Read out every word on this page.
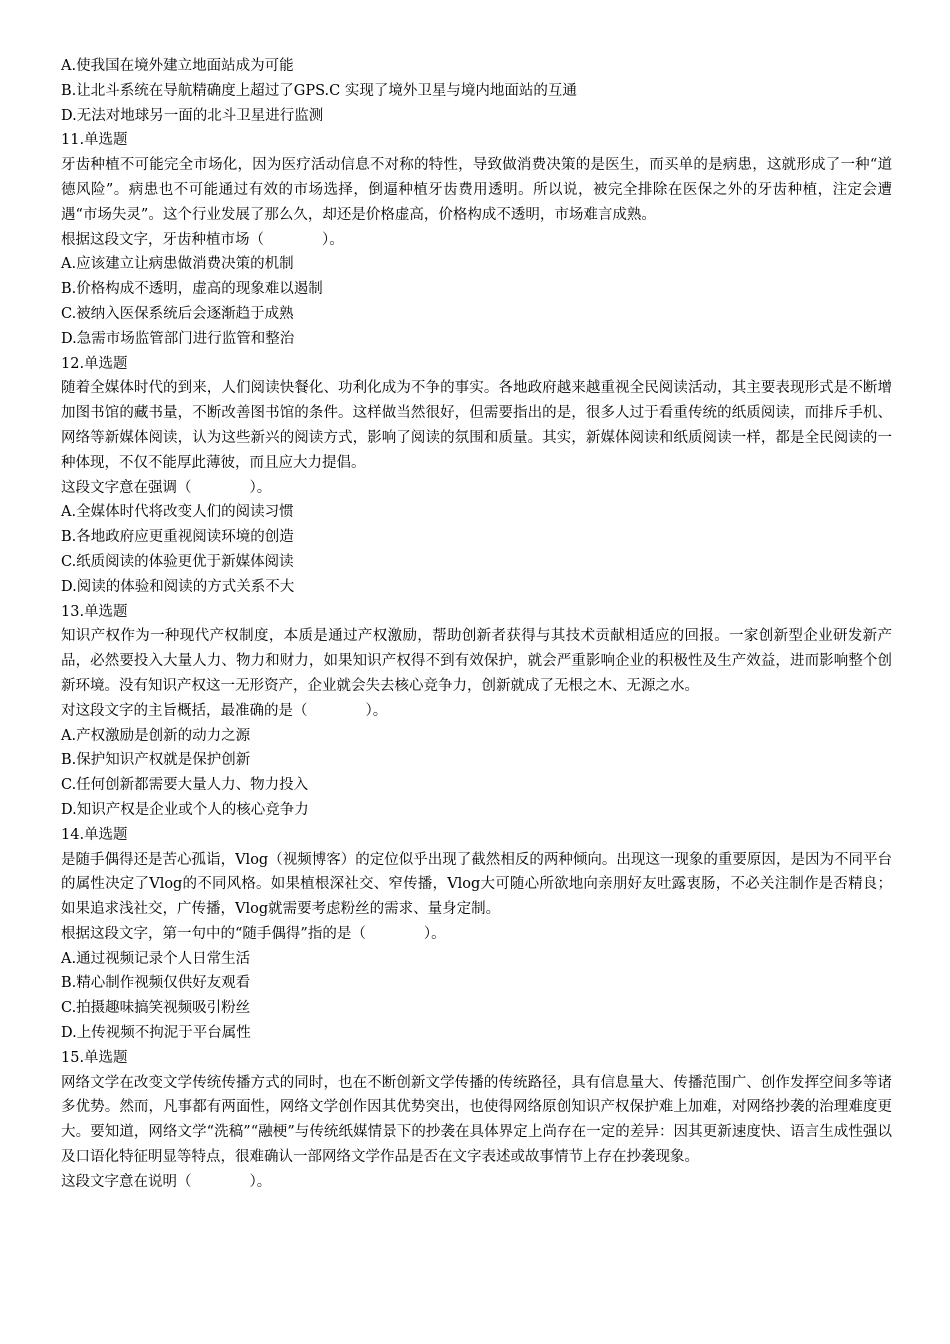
A.使我国在境外建立地面站成为可能

B.让北斗系统在导航精确度上超过了GPS.C 实现了境外卫星与境内地面站的互通

D.无法对地球另一面的北斗卫星进行监测

11.单选题

牙齿种植不可能完全市场化，因为医疗活动信息不对称的特性，导致做消费决策的是医生，而买单的是病患，这就形成了一种“道德风险”。病患也不可能通过有效的市场选择，倒逼种植牙齿费用透明。所以说，被完全排除在医保之外的牙齿种植，注定会遭遇“市场失灵”。这个行业发展了那么久，却还是价格虚高，价格构成不透明，市场难言成熟。

根据这段文字，牙齿种植市场（　　　　）。

A.应该建立让病患做消费决策的机制

B.价格构成不透明，虚高的现象难以遏制

C.被纳入医保系统后会逐渐趋于成熟

D.急需市场监管部门进行监管和整治

12.单选题

随着全媒体时代的到来，人们阅读快餐化、功利化成为不争的事实。各地政府越来越重视全民阅读活动，其主要表现形式是不断增加图书馆的藏书量，不断改善图书馆的条件。这样做当然很好，但需要指出的是，很多人过于看重传统的纸质阅读，而排斥手机、网络等新媒体阅读，认为这些新兴的阅读方式，影响了阅读的氛围和质量。其实，新媒体阅读和纸质阅读一样，都是全民阅读的一种体现，不仅不能厚此薄彼，而且应大力提倡。

这段文字意在强调（　　　　）。

A.全媒体时代将改变人们的阅读习惯

B.各地政府应更重视阅读环境的创造

C.纸质阅读的体验更优于新媒体阅读

D.阅读的体验和阅读的方式关系不大

13.单选题

知识产权作为一种现代产权制度，本质是通过产权激励，帮助创新者获得与其技术贡献相适应的回报。一家创新型企业研发新产品，必然要投入大量人力、物力和财力，如果知识产权得不到有效保护，就会严重影响企业的积极性及生产效益，进而影响整个创新环境。没有知识产权这一无形资产，企业就会失去核心竞争力，创新就成了无根之木、无源之水。

对这段文字的主旨概括，最准确的是（　　　　）。

A.产权激励是创新的动力之源

B.保护知识产权就是保护创新

C.任何创新都需要大量人力、物力投入

D.知识产权是企业或个人的核心竞争力

14.单选题

是随手偶得还是苦心孤诣，Vlog（视频博客）的定位似乎出现了截然相反的两种倾向。出现这一现象的重要原因，是因为不同平台的属性决定了Vlog的不同风格。如果植根深社交、窄传播，Vlog大可随心所欲地向亲朋好友吐露衷肠，不必关注制作是否精良；如果追求浅社交，广传播，Vlog就需要考虑粉丝的需求、量身定制。

根据这段文字，第一句中的“随手偶得”指的是（　　　　）。

A.通过视频记录个人日常生活

B.精心制作视频仅供好友观看

C.拍摄趣味搞笑视频吸引粉丝

D.上传视频不拘泥于平台属性

15.单选题

网络文学在改变文学传统传播方式的同时，也在不断创新文学传播的传统路径，具有信息量大、传播范围广、创作发挥空间多等诸多优势。然而，凡事都有两面性，网络文学创作因其优势突出，也使得网络原创知识产权保护难上加难，对网络抄袭的治理难度更大。要知道，网络文学“洗稿”“融梗”与传统纸媒情景下的抄袭在具体界定上尚存在一定的差异：因其更新速度快、语言生成性强以及口语化特征明显等特点，很难确认一部网络文学作品是否在文字表述或故事情节上存在抄袭现象。

这段文字意在说明（　　　　）。
